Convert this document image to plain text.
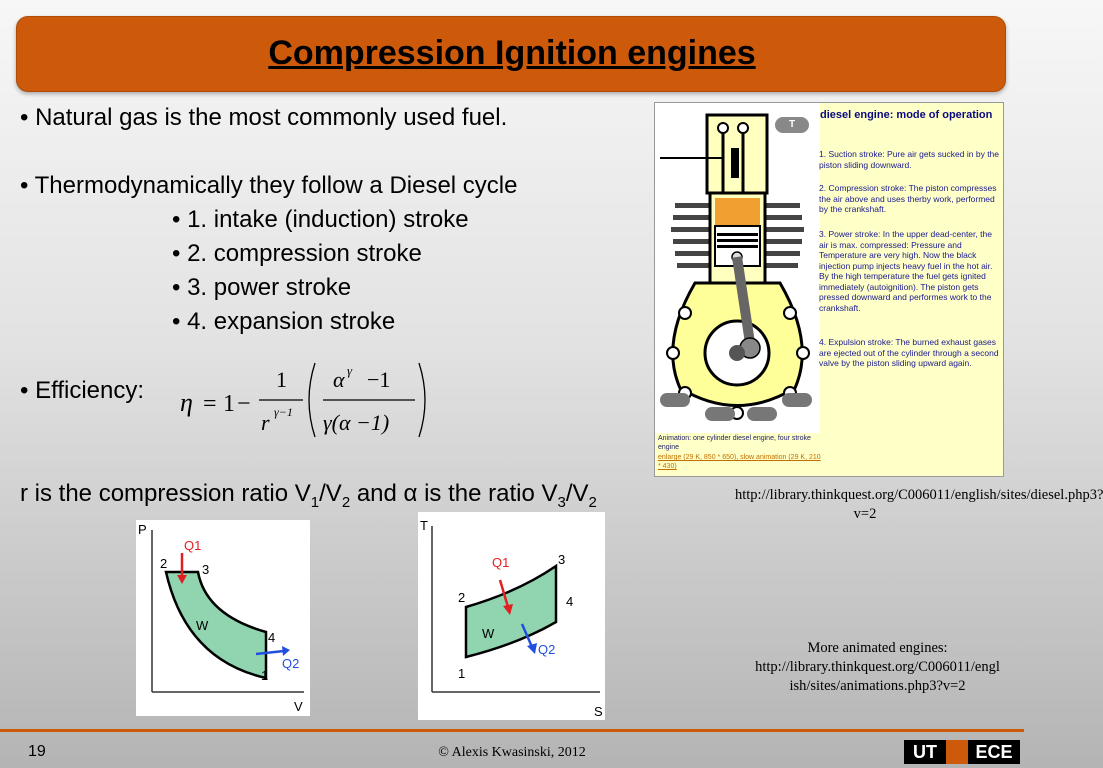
Compression Ignition engines
• Natural gas is the most commonly used fuel.
• Thermodynamically they follow a Diesel cycle
• 1. intake (induction) stroke
• 2. compression stroke
• 3. power stroke
• 4. expansion stroke
• Efficiency: η = 1 −
1
r γ−1
α γ −1
γ(α −1)
r is the compression ratio $V_1/V_2$ and α is the ratio $V_3/V_2$
T
diesel engine: mode of operation
1. Suction stroke: Pure air gets sucked in by the piston sliding downward.
2. Compression stroke: The piston compresses the air above and uses therby work, performed by the crankshaft.
3. Power stroke: In the upper dead-center, the air is max. compressed: Pressure and Temperature are very high. Now the black injection pump injects heavy fuel in the hot air. By the high temperature the fuel gets ignited immediately (autoignition). The piston gets pressed downward and performes work to the crankshaft.
4. Expulsion stroke: The burned exhaust gases are ejected out of the cylinder through a second valve by the piston sliding upward again.
Animation: one cylinder diesel engine, four stroke engine
enlarge (29 K, 850 * 650), slow animation (29 K, 210 * 430)
http://library.thinkquest.org/C006011/english/sites/diesel.php3?v=2
P
V
2	3
4
1
W
Q1
Q2
T
S
2
3
4
1
W
Q1
Q2	More animated engines:
http://library.thinkquest.org/C006011/english/sites/animations.php3?v=2
19	© Alexis Kwasinski, 2012	UT	ECE
